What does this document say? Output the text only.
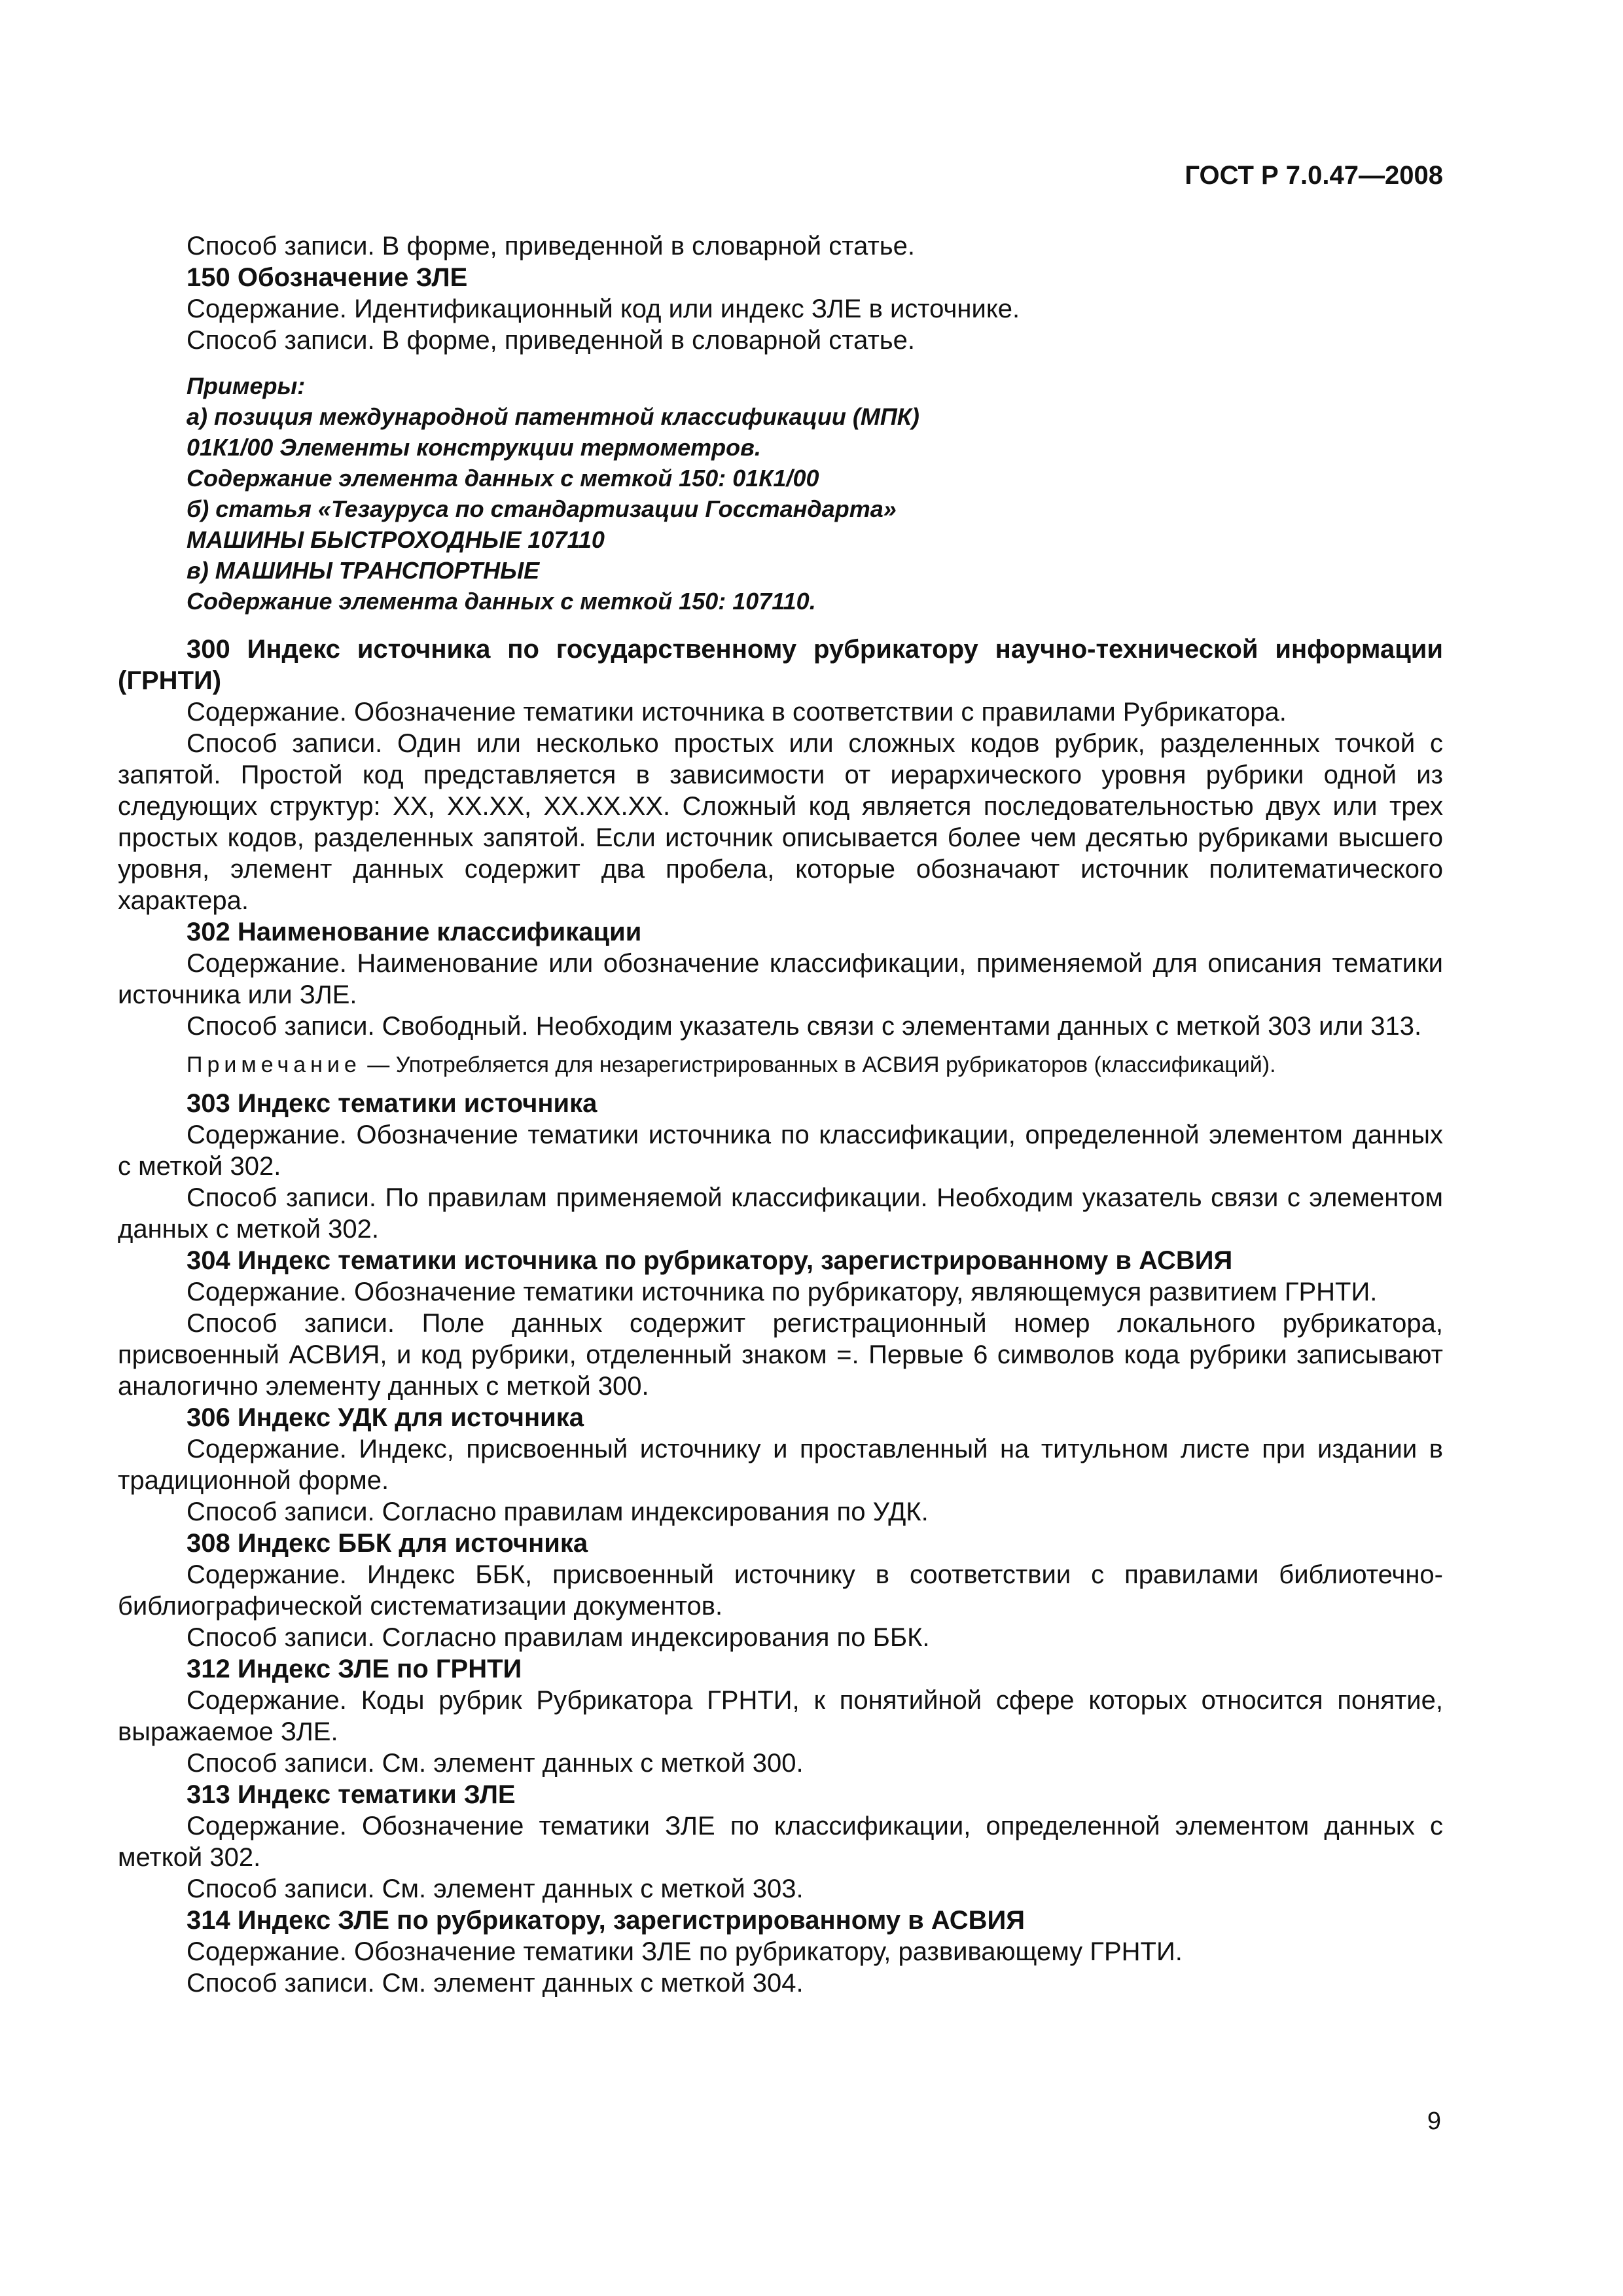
ГОСТ Р 7.0.47—2008

Способ записи. В форме, приведенной в словарной статье.

150 Обозначение ЗЛЕ

Содержание. Идентификационный код или индекс ЗЛЕ в источнике.

Способ записи. В форме, приведенной в словарной статье.

Примеры:

а) позиция международной патентной классификации (МПК)

01К1/00 Элементы конструкции термометров.

Содержание элемента данных с меткой 150: 01К1/00

б) статья «Тезауруса по стандартизации Госстандарта»

МАШИНЫ БЫСТРОХОДНЫЕ 107110

в) МАШИНЫ ТРАНСПОРТНЫЕ

Содержание элемента данных с меткой 150: 107110.

300 Индекс источника по государственному рубрикатору научно-технической информации (ГРНТИ)

Содержание. Обозначение тематики источника в соответствии с правилами Рубрикатора.

Способ записи. Один или несколько простых или сложных кодов рубрик, разделенных точкой с запятой. Простой код представляется в зависимости от иерархического уровня рубрики одной из следующих структур: XX, XX.XX, XX.XX.XX. Сложный код является последовательностью двух или трех простых кодов, разделенных запятой. Если источник описывается более чем десятью рубриками высшего уровня, элемент данных содержит два пробела, которые обозначают источник политематического характера.

302 Наименование классификации

Содержание. Наименование или обозначение классификации, применяемой для описания тематики источника или ЗЛЕ.

Способ записи. Свободный. Необходим указатель связи с элементами данных с меткой 303 или 313.

Примечание — Употребляется для незарегистрированных в АСВИЯ рубрикаторов (классификаций).

303 Индекс тематики источника

Содержание. Обозначение тематики источника по классификации, определенной элементом данных с меткой 302.

Способ записи. По правилам применяемой классификации. Необходим указатель связи с элементом данных с меткой 302.

304 Индекс тематики источника по рубрикатору, зарегистрированному в АСВИЯ

Содержание. Обозначение тематики источника по рубрикатору, являющемуся развитием ГРНТИ.

Способ записи. Поле данных содержит регистрационный номер локального рубрикатора, присвоенный АСВИЯ, и код рубрики, отделенный знаком =. Первые 6 символов кода рубрики записывают аналогично элементу данных с меткой 300.

306 Индекс УДК для источника

Содержание. Индекс, присвоенный источнику и проставленный на титульном листе при издании в традиционной форме.

Способ записи. Согласно правилам индексирования по УДК.

308 Индекс ББК для источника

Содержание. Индекс ББК, присвоенный источнику в соответствии с правилами библиотечно-библиографической систематизации документов.

Способ записи. Согласно правилам индексирования по ББК.

312 Индекс ЗЛЕ по ГРНТИ

Содержание. Коды рубрик Рубрикатора ГРНТИ, к понятийной сфере которых относится понятие, выражаемое ЗЛЕ.

Способ записи. См. элемент данных с меткой 300.

313 Индекс тематики ЗЛЕ

Содержание. Обозначение тематики ЗЛЕ по классификации, определенной элементом данных с меткой 302.

Способ записи. См. элемент данных с меткой 303.

314 Индекс ЗЛЕ по рубрикатору, зарегистрированному в АСВИЯ

Содержание. Обозначение тематики ЗЛЕ по рубрикатору, развивающему ГРНТИ.

Способ записи. См. элемент данных с меткой 304.

9
